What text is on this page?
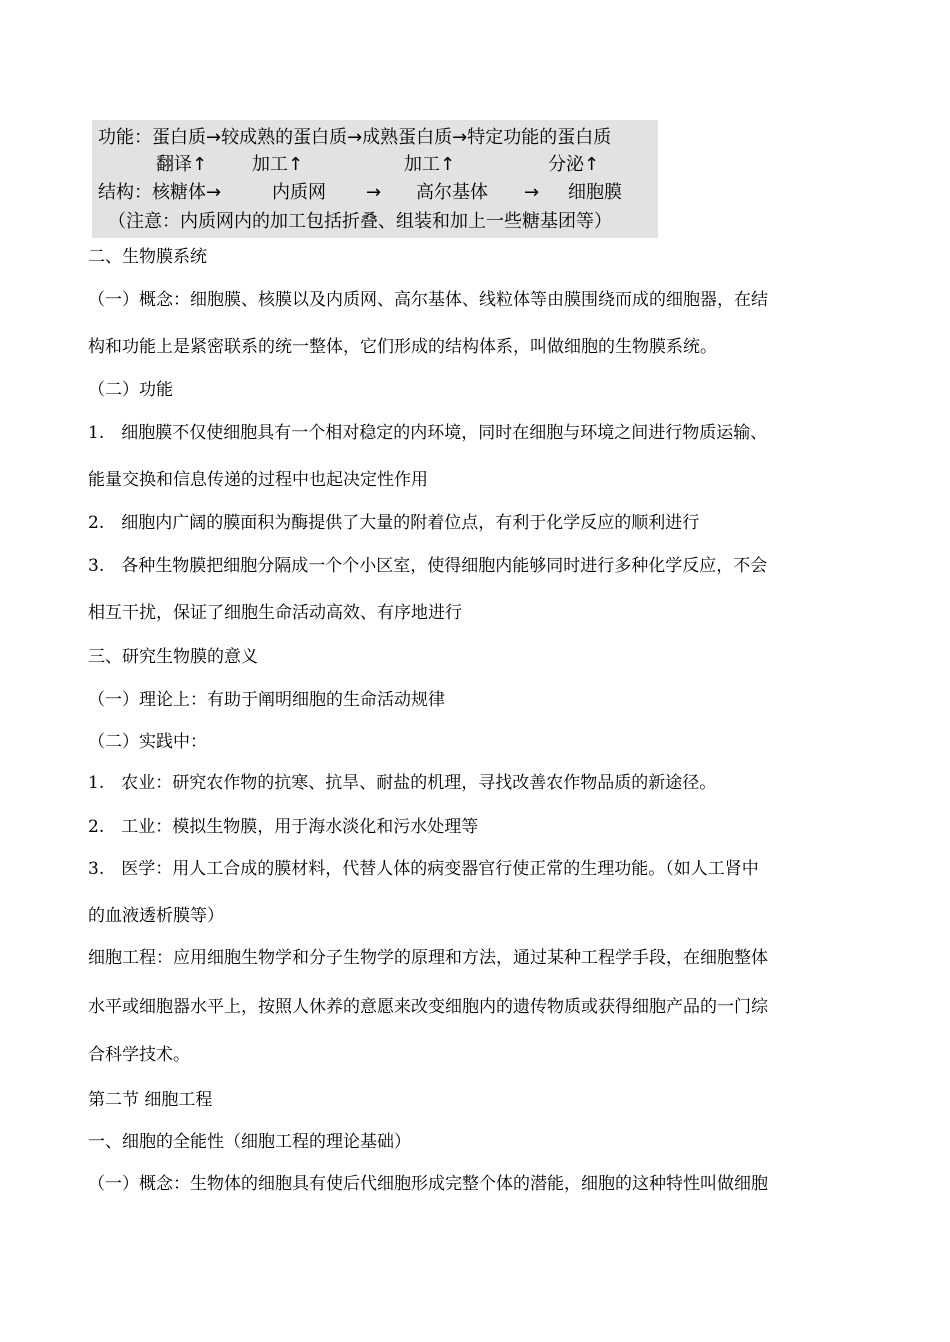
功能：蛋白质→较成熟的蛋白质→成熟蛋白质→特定功能的蛋白质
翻译↑ 加工↑	加工↑	分泌↑
结构：核糖体→	内质网 → 高尔基体 → 细胞膜
（注意：内质网内的加工包括折叠、组装和加上一些糖基团等）
二、生物膜系统
（一）概念：细胞膜、核膜以及内质网、高尔基体、线粒体等由膜围绕而成的细胞器，在结
构和功能上是紧密联系的统一整体，它们形成的结构体系，叫做细胞的生物膜系统。
（二）功能
1.　细胞膜不仅使细胞具有一个相对稳定的内环境，同时在细胞与环境之间进行物质运输、
能量交换和信息传递的过程中也起决定性作用
2.　细胞内广阔的膜面积为酶提供了大量的附着位点，有利于化学反应的顺利进行
3.　各种生物膜把细胞分隔成一个个小区室，使得细胞内能够同时进行多种化学反应，不会
相互干扰，保证了细胞生命活动高效、有序地进行
三、研究生物膜的意义
（一）理论上：有助于阐明细胞的生命活动规律
（二）实践中：
1.　农业：研究农作物的抗寒、抗旱、耐盐的机理，寻找改善农作物品质的新途径。
2.　工业：模拟生物膜，用于海水淡化和污水处理等
3.　医学：用人工合成的膜材料，代替人体的病变器官行使正常的生理功能。（如人工肾中
的血液透析膜等）
细胞工程：应用细胞生物学和分子生物学的原理和方法，通过某种工程学手段，在细胞整体
水平或细胞器水平上，按照人休养的意愿来改变细胞内的遗传物质或获得细胞产品的一门综
合科学技术。
第二节 细胞工程
一、细胞的全能性（细胞工程的理论基础）
（一）概念：生物体的细胞具有使后代细胞形成完整个体的潜能，细胞的这种特性叫做细胞
